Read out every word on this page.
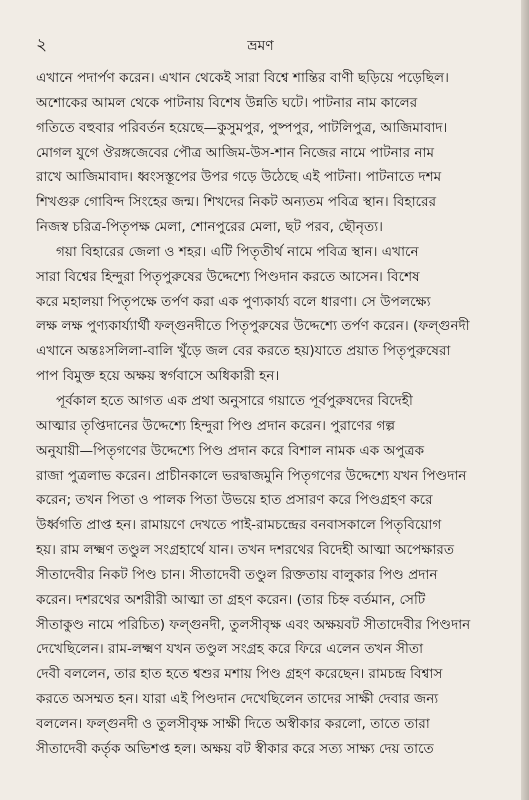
২	ভ্রমণ
এখানে পদার্পণ করেন। এখান থেকেই সারা বিশ্বে শান্তির বাণী ছড়িয়ে পড়েছিল।
অশোকের আমল থেকে পাটনায় বিশেষ উন্নতি ঘটে। পাটনার নাম কালের
গতিতে বহুবার পরিবর্তন হয়েছে—কুসুমপুর, পুষ্পপুর, পাটলিপুত্র, আজিমাবাদ।
মোগল যুগে ঔরঙ্গজেবের পৌত্র আজিম-উস-শান নিজের নামে পাটনার নাম
রাখে আজিমাবাদ। ধ্বংসস্তূপের উপর গড়ে উঠেছে এই পাটনা। পাটনাতে দশম
শিখগুরু গোবিন্দ সিংহের জন্ম। শিখদের নিকট অন্যতম পবিত্র স্থান। বিহারের
নিজস্ব চরিত্র-পিতৃপক্ষ মেলা, শোনপুরের মেলা, ছট পরব, ছৌনৃত্য।
গয়া বিহারের জেলা ও শহর। এটি পিতৃতীর্থ নামে পবিত্র স্থান। এখানে
সারা বিশ্বের হিন্দুরা পিতৃপুরুষের উদ্দেশ্যে পিণ্ডদান করতে আসেন। বিশেষ
করে মহালয়া পিতৃপক্ষে তর্পণ করা এক পুণ্যকার্য্য বলে ধারণা। সে উপলক্ষ্যে
লক্ষ লক্ষ পুণ্যকার্য্যার্থী ফল্গুনদীতে পিতৃপুরুষের উদ্দেশ্যে তর্পণ করেন। (ফল্গুনদী
এখানে অন্তঃসলিলা-বালি খুঁড়ে জল বের করতে হয়)যাতে প্রয়াত পিতৃপুরুষেরা
পাপ বিমুক্ত হয়ে অক্ষয় স্বর্গবাসে অধিকারী হন।
পূর্বকাল হতে আগত এক প্রথা অনুসারে গয়াতে পূর্বপুরুষদের বিদেহী
আত্মার তৃপ্তিদানের উদ্দেশ্যে হিন্দুরা পিণ্ড প্রদান করেন। পুরাণের গল্প
অনুযায়ী—পিতৃগণের উদ্দেশ্যে পিণ্ড প্রদান করে বিশাল নামক এক অপুত্রক
রাজা পুত্রলাভ করেন। প্রাচীনকালে ভরদ্বাজমুনি পিতৃগণের উদ্দেশ্যে যখন পিণ্ডদান
করেন; তখন পিতা ও পালক পিতা উভয়ে হাত প্রসারণ করে পিণ্ডগ্রহণ করে
উর্ধ্বগতি প্রাপ্ত হন। রামায়ণে দেখতে পাই-রামচন্দ্রের বনবাসকালে পিতৃবিয়োগ
হয়। রাম লক্ষ্মণ তণ্ডুল সংগ্রহার্থে যান। তখন দশরথের বিদেহী আত্মা অপেক্ষারত
সীতাদেবীর নিকট পিণ্ড চান। সীতাদেবী তণ্ডুল রিক্ততায় বালুকার পিণ্ড প্রদান
করেন। দশরথের অশরীরী আত্মা তা গ্রহণ করেন। (তার চিহ্ন বর্তমান, সেটি
সীতাকুণ্ড নামে পরিচিত) ফল্গুনদী, তুলসীবৃক্ষ এবং অক্ষয়বট সীতাদেবীর পিণ্ডদান
দেখেছিলেন। রাম-লক্ষ্মণ যখন তণ্ডুল সংগ্রহ করে ফিরে এলেন তখন সীতা
দেবী বললেন, তার হাত হতে শ্বশুর মশায় পিণ্ড গ্রহণ করেছেন। রামচন্দ্র বিশ্বাস
করতে অসম্মত হন। যারা এই পিণ্ডদান দেখেছিলেন তাদের সাক্ষী দেবার জন্য
বললেন। ফল্গুনদী ও তুলসীবৃক্ষ সাক্ষী দিতে অস্বীকার করলো, তাতে তারা
সীতাদেবী কর্তৃক অভিশপ্ত হল। অক্ষয় বট স্বীকার করে সত্য সাক্ষ্য দেয় তাতে
